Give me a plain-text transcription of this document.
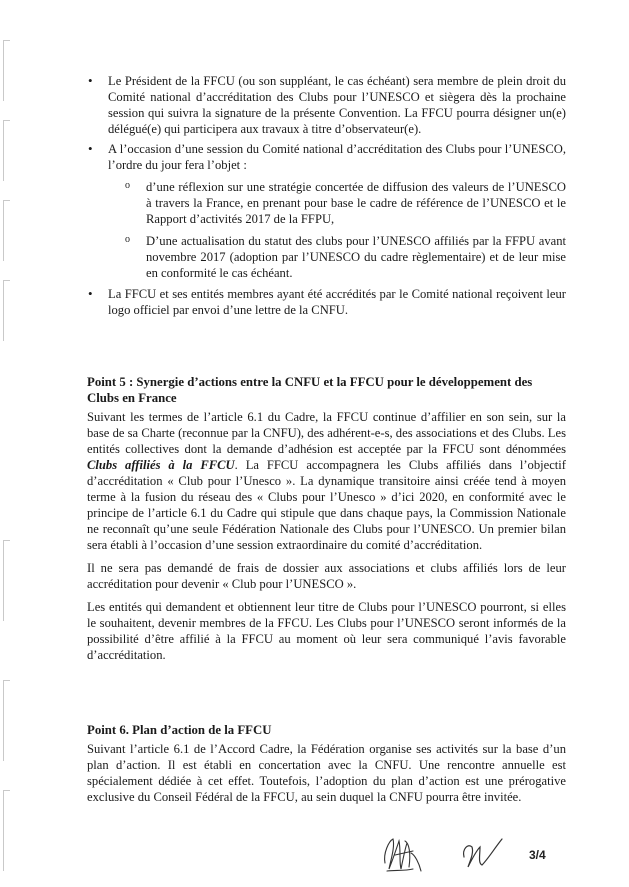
• Le Président de la FFCU (ou son suppléant, le cas échéant) sera membre de plein droit du Comité national d’accréditation des Clubs pour l’UNESCO et siègera dès la prochaine session qui suivra la signature de la présente Convention. La FFCU pourra désigner un(e) délégué(e) qui participera aux travaux à titre d’observateur(e).
• A l’occasion d’une session du Comité national d’accréditation des Clubs pour l’UNESCO, l’ordre du jour fera l’objet :
o d’une réflexion sur une stratégie concertée de diffusion des valeurs de l’UNESCO à travers la France, en prenant pour base le cadre de référence de l’UNESCO et le Rapport d’activités 2017 de la FFPU,
o D’une actualisation du statut des clubs pour l’UNESCO affiliés par la FFPU avant novembre 2017 (adoption par l’UNESCO du cadre règlementaire) et de leur mise en conformité le cas échéant.
• La FFCU et ses entités membres ayant été accrédités par le Comité national reçoivent leur logo officiel par envoi d’une lettre de la CNFU.
Point 5 : Synergie d’actions entre la CNFU et la FFCU pour le développement des Clubs en France

Suivant les termes de l’article 6.1 du Cadre, la FFCU continue d’affilier en son sein, sur la base de sa Charte (reconnue par la CNFU), des adhérent-e-s, des associations et des Clubs. Les entités collectives dont la demande d’adhésion est acceptée par la FFCU sont dénommées Clubs affiliés à la FFCU. La FFCU accompagnera les Clubs affiliés dans l’objectif d’accréditation « Club pour l’Unesco ». La dynamique transitoire ainsi créée tend à moyen terme à la fusion du réseau des « Clubs pour l’Unesco » d’ici 2020, en conformité avec le principe de l’article 6.1 du Cadre qui stipule que dans chaque pays, la Commission Nationale ne reconnaît qu’une seule Fédération Nationale des Clubs pour l’UNESCO. Un premier bilan sera établi à l’occasion d’une session extraordinaire du comité d’accréditation.

Il ne sera pas demandé de frais de dossier aux associations et clubs affiliés lors de leur accréditation pour devenir « Club pour l’UNESCO ».

Les entités qui demandent et obtiennent leur titre de Clubs pour l’UNESCO pourront, si elles le souhaitent, devenir membres de la FFCU. Les Clubs pour l’UNESCO seront informés de la possibilité d’être affilié à la FFCU au moment où leur sera communiqué l’avis favorable d’accréditation.

Point 6. Plan d’action de la FFCU

Suivant l’article 6.1 de l’Accord Cadre, la Fédération organise ses activités sur la base d’un plan d’action. Il est établi en concertation avec la CNFU. Une rencontre annuelle est spécialement dédiée à cet effet. Toutefois, l’adoption du plan d’action est une prérogative exclusive du Conseil Fédéral de la FFCU, au sein duquel la CNFU pourra être invitée.

3/4
